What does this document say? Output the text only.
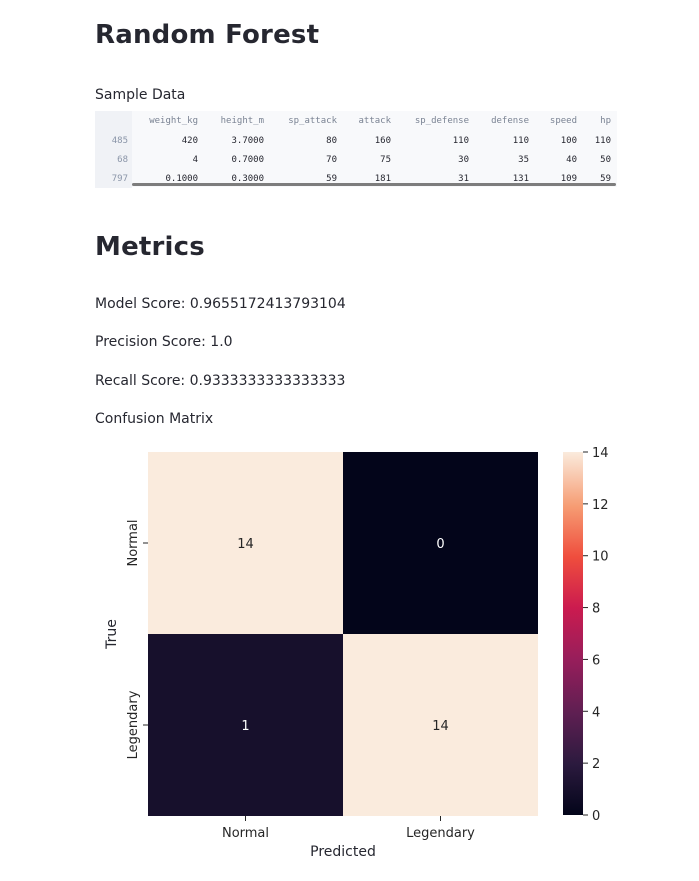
Random Forest
Sample Data
	weight_kg	height_m	sp_attack	attack	sp_defense	defense	speed	hp
485	420	3.7000	80	160	110	110	100	110
68	4	0.7000	70	75	30	35	40	50
797	0.1000	0.3000	59	181	31	131	109	59
Metrics
Model Score: 0.9655172413793104
Precision Score: 1.0
Recall Score: 0.9333333333333333
Confusion Matrix
14	0
1	14
Normal	Legendary
Normal
Legendary
0
2
4
6
8
10
12
14
Predicted
True
